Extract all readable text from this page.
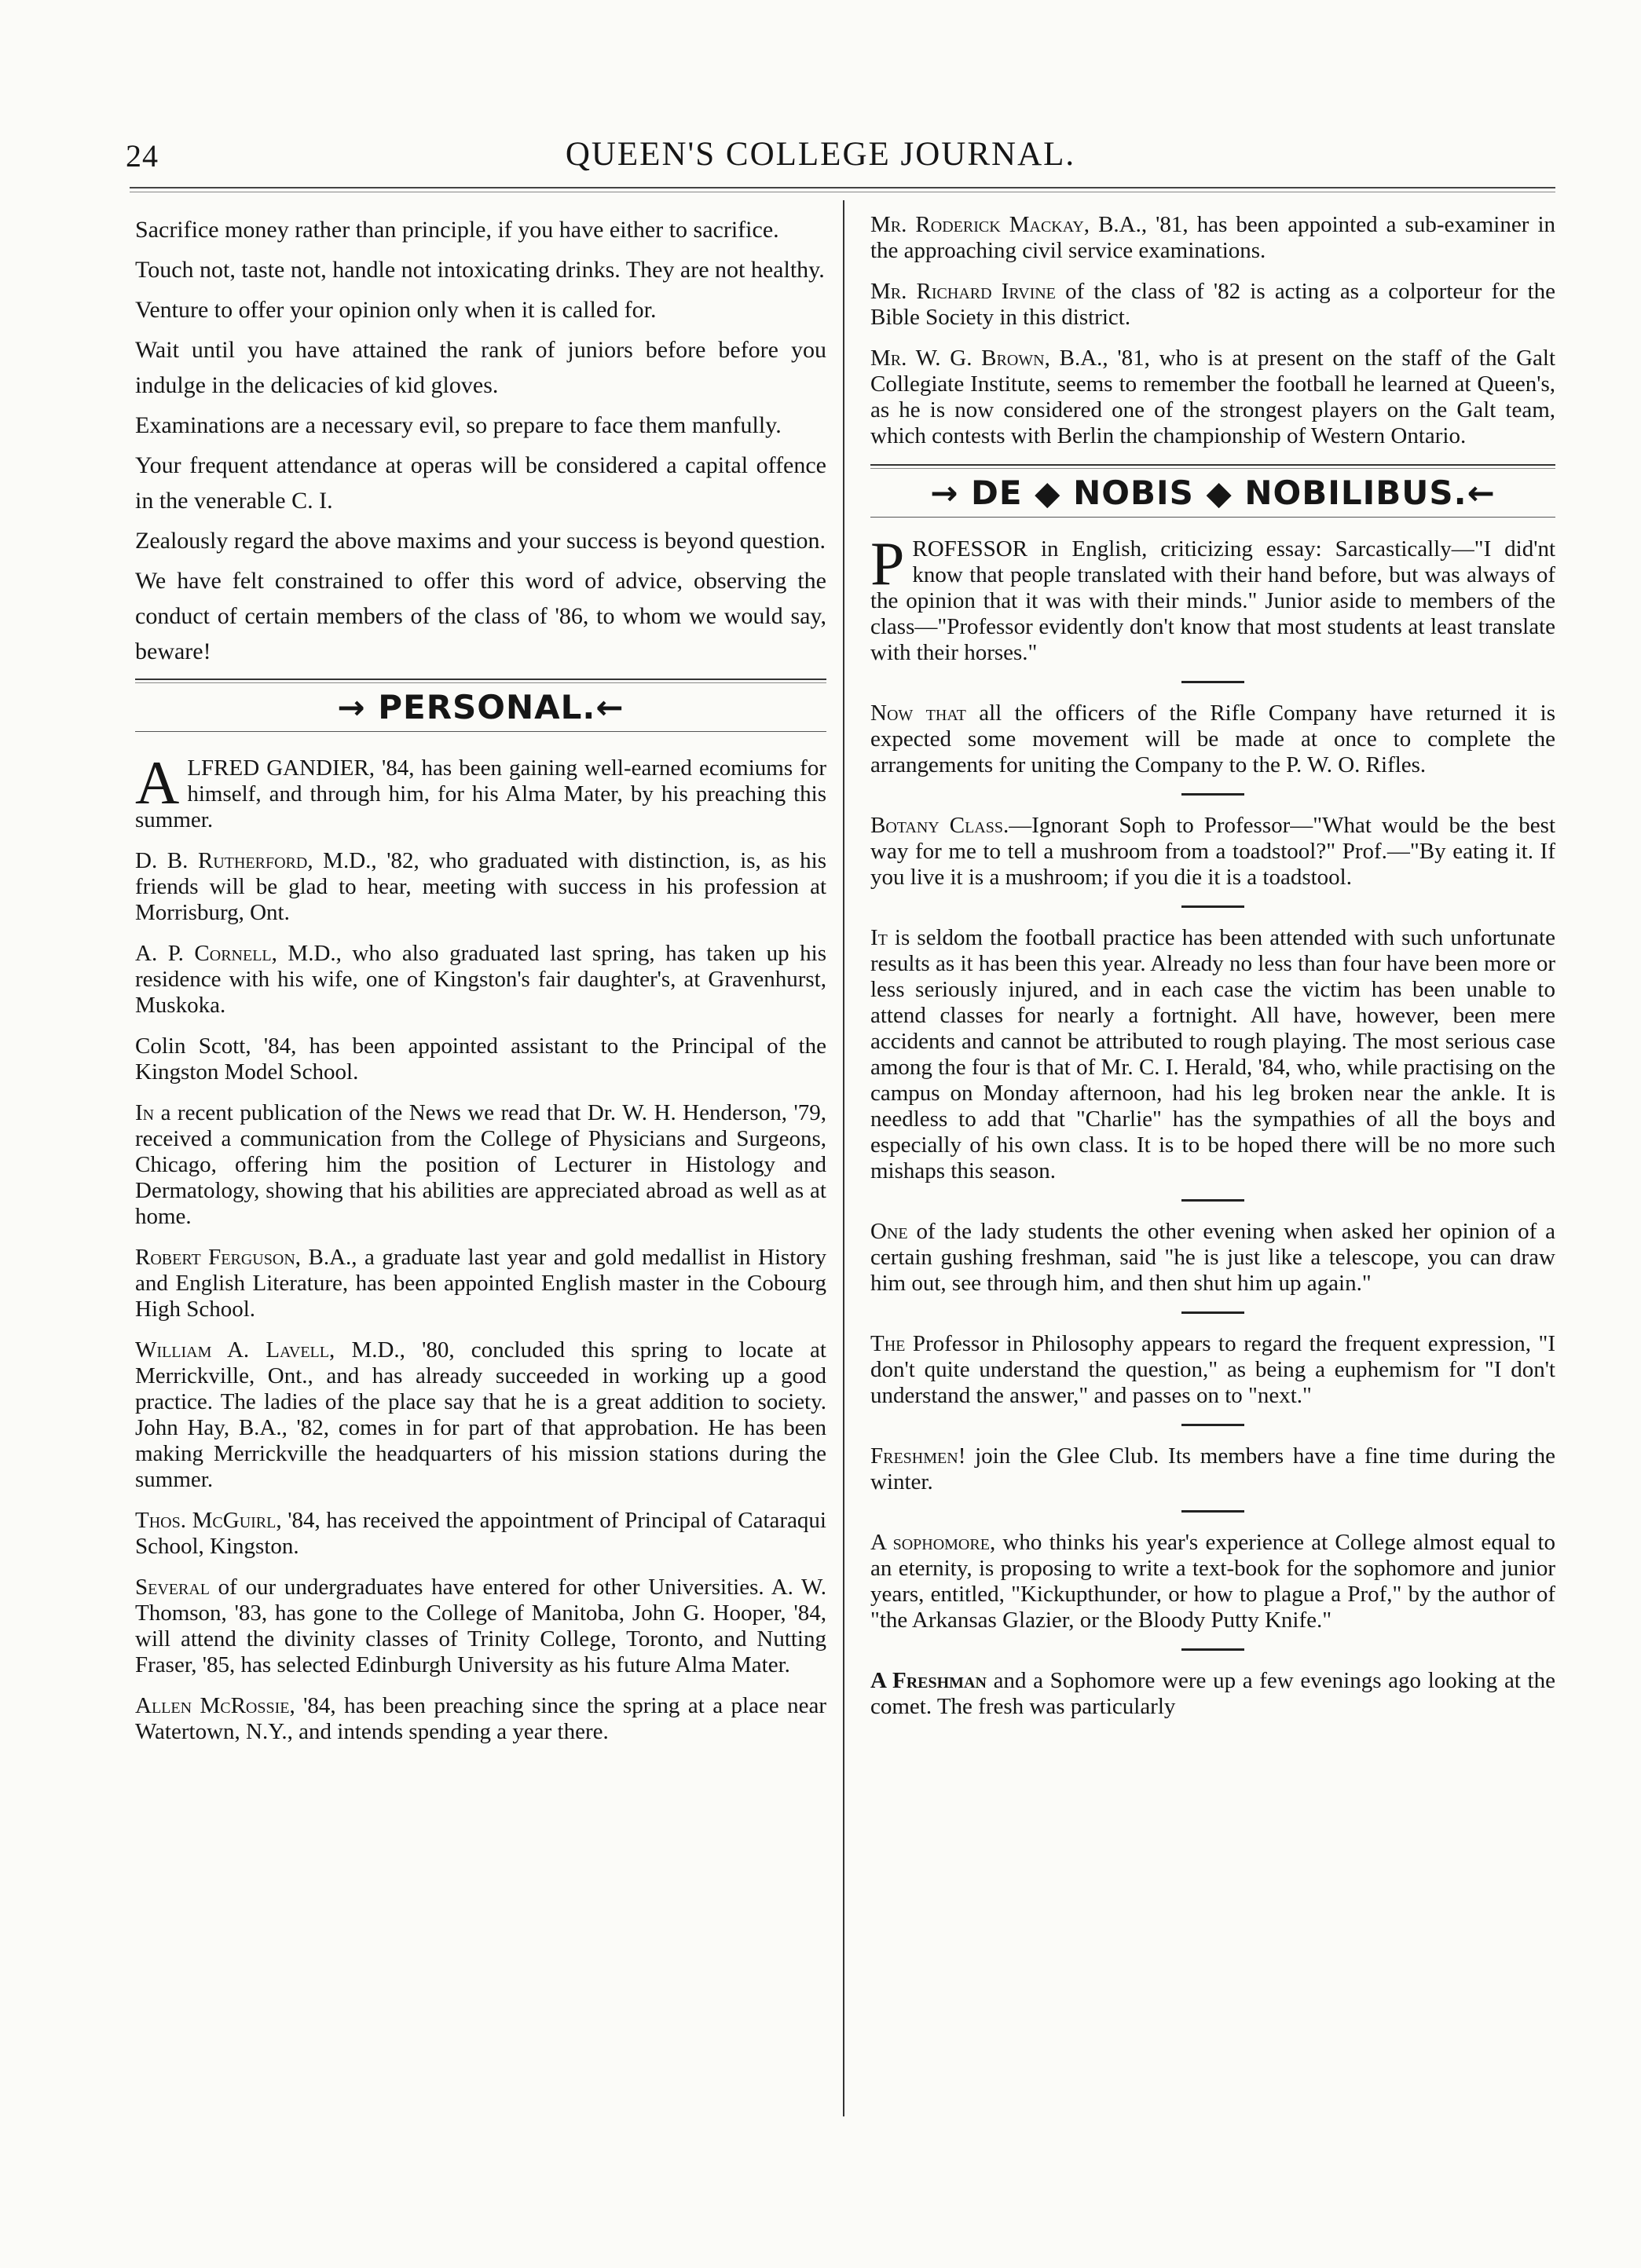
24	QUEEN'S COLLEGE JOURNAL.

Sacrifice money rather than principle, if you have either to sacrifice.

Touch not, taste not, handle not intoxicating drinks. They are not healthy.

Venture to offer your opinion only when it is called for.

Wait until you have attained the rank of juniors before before you indulge in the delicacies of kid gloves.

Examinations are a necessary evil, so prepare to face them manfully.

Your frequent attendance at operas will be considered a capital offence in the venerable C. I.

Zealously regard the above maxims and your success is beyond question.

We have felt constrained to offer this word of advice, observing the conduct of certain members of the class of '86, to whom we would say, beware!

→ PERSONAL.←

ALFRED GANDIER, '84, has been gaining well-earned ecomiums for himself, and through him, for his Alma Mater, by his preaching this summer.

D. B. Rutherford, M.D., '82, who graduated with distinction, is, as his friends will be glad to hear, meeting with success in his profession at Morrisburg, Ont.

A. P. Cornell, M.D., who also graduated last spring, has taken up his residence with his wife, one of Kingston's fair daughter's, at Gravenhurst, Muskoka.

Colin Scott, '84, has been appointed assistant to the Principal of the Kingston Model School.

In a recent publication of the News we read that Dr. W. H. Henderson, '79, received a communication from the College of Physicians and Surgeons, Chicago, offering him the position of Lecturer in Histology and Dermatology, showing that his abilities are appreciated abroad as well as at home.

Robert Ferguson, B.A., a graduate last year and gold medallist in History and English Literature, has been appointed English master in the Cobourg High School.

William A. Lavell, M.D., '80, concluded this spring to locate at Merrickville, Ont., and has already succeeded in working up a good practice. The ladies of the place say that he is a great addition to society. John Hay, B.A., '82, comes in for part of that approbation. He has been making Merrickville the headquarters of his mission stations during the summer.

Thos. McGuirl, '84, has received the appointment of Principal of Cataraqui School, Kingston.

Several of our undergraduates have entered for other Universities. A. W. Thomson, '83, has gone to the College of Manitoba, John G. Hooper, '84, will attend the divinity classes of Trinity College, Toronto, and Nutting Fraser, '85, has selected Edinburgh University as his future Alma Mater.

Allen McRossie, '84, has been preaching since the spring at a place near Watertown, N.Y., and intends spending a year there.

Mr. Roderick Mackay, B.A., '81, has been appointed a sub-examiner in the approaching civil service examinations.

Mr. Richard Irvine of the class of '82 is acting as a colporteur for the Bible Society in this district.

Mr. W. G. Brown, B.A., '81, who is at present on the staff of the Galt Collegiate Institute, seems to remember the football he learned at Queen's, as he is now considered one of the strongest players on the Galt team, which contests with Berlin the championship of Western Ontario.

→ DE ◆ NOBIS ◆ NOBILIBUS.←

PROFESSOR in English, criticizing essay: Sarcastically—"I did'nt know that people translated with their hand before, but was always of the opinion that it was with their minds." Junior aside to members of the class—"Professor evidently don't know that most students at least translate with their horses."

Now that all the officers of the Rifle Company have returned it is expected some movement will be made at once to complete the arrangements for uniting the Company to the P. W. O. Rifles.

Botany Class.—Ignorant Soph to Professor—"What would be the best way for me to tell a mushroom from a toadstool?" Prof.—"By eating it. If you live it is a mushroom; if you die it is a toadstool.

It is seldom the football practice has been attended with such unfortunate results as it has been this year. Already no less than four have been more or less seriously injured, and in each case the victim has been unable to attend classes for nearly a fortnight. All have, however, been mere accidents and cannot be attributed to rough playing. The most serious case among the four is that of Mr. C. I. Herald, '84, who, while practising on the campus on Monday afternoon, had his leg broken near the ankle. It is needless to add that "Charlie" has the sympathies of all the boys and especially of his own class. It is to be hoped there will be no more such mishaps this season.

One of the lady students the other evening when asked her opinion of a certain gushing freshman, said "he is just like a telescope, you can draw him out, see through him, and then shut him up again."

The Professor in Philosophy appears to regard the frequent expression, "I don't quite understand the question," as being a euphemism for "I don't understand the answer," and passes on to "next."

Freshmen! join the Glee Club. Its members have a fine time during the winter.

A sophomore, who thinks his year's experience at College almost equal to an eternity, is proposing to write a text-book for the sophomore and junior years, entitled, "Kickupthunder, or how to plague a Prof," by the author of "the Arkansas Glazier, or the Bloody Putty Knife."

A Freshman and a Sophomore were up a few evenings ago looking at the comet. The fresh was particularly
